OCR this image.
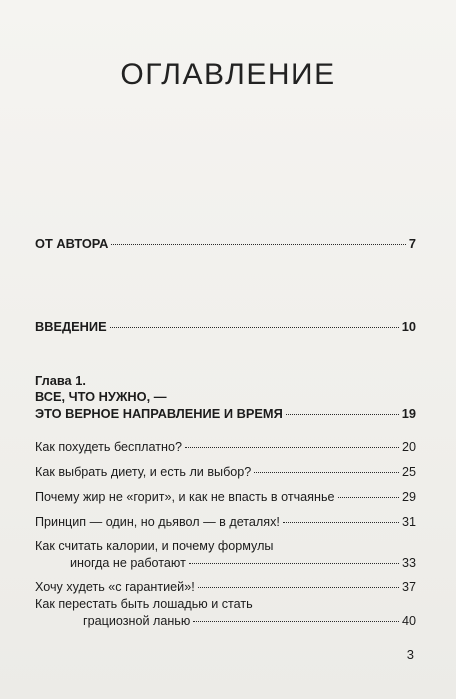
ОГЛАВЛЕНИЕ
ОТ АВТОРА	7
ВВЕДЕНИЕ	10
Глава 1.
ВСЕ, ЧТО НУЖНО, —
ЭТО ВЕРНОЕ НАПРАВЛЕНИЕ И ВРЕМЯ	19
Как похудеть бесплатно?	20
Как выбрать диету, и есть ли выбор?	25
Почему жир не «горит», и как не впасть в отчаянье	29
Принцип — один, но дьявол — в деталях!	31
Как считать калории, и почему формулы
иногда не работают	33
Хочу худеть «с гарантией»!	37
Как перестать быть лошадью и стать
грациозной ланью	40
3
